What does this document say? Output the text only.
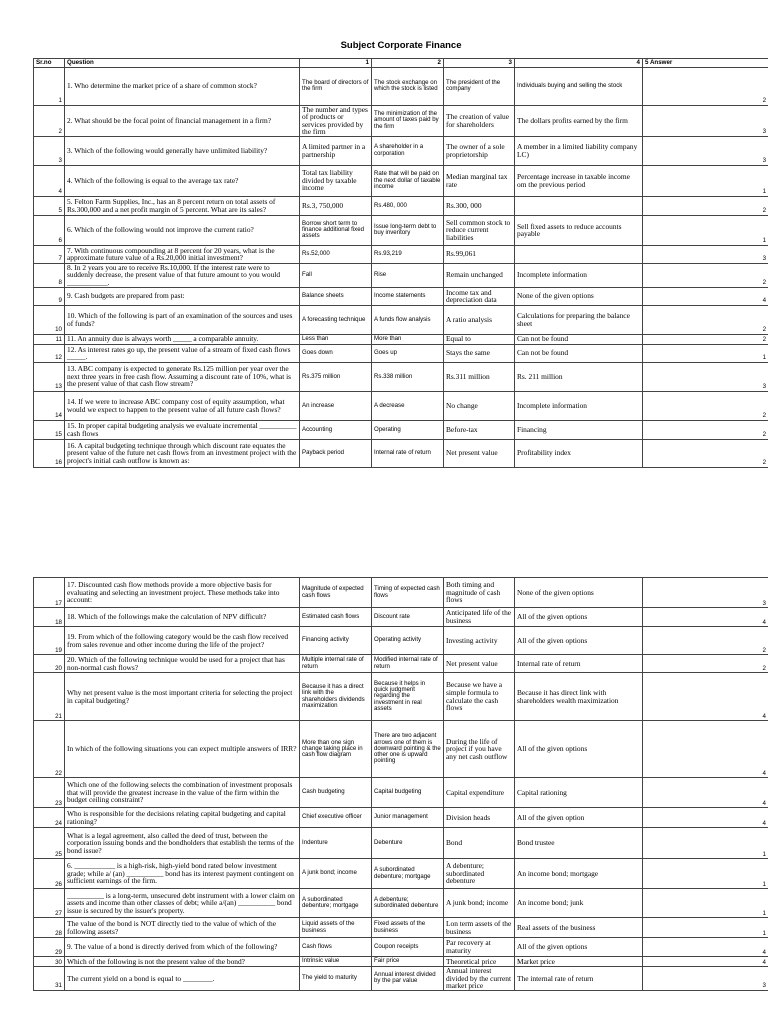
Subject Corporate Finance						
Sr.no	Question	1	2	3	4	5 Answer
1	1. Who determine the market price of a share of common stock?	The board of directors of the firm	The stock exchange on which the stock is listed	The president of the company	Individuals buying and selling the stock	2
2	2. What should be the focal point of financial management in a firm?	The number and types of products or services provided by the firm	The minimization of the amount of taxes paid by the firm	The creation of value for shareholders	The dollars profits earned by the firm	3
3	3. Which of the following would generally have unlimited liability?	A limited partner in a partnership	A shareholder in a corporation	The owner of a sole proprietorship	A member in a limited liability company LC)	3
4	4. Which of the following is equal to the average tax rate?	Total tax liability divided by taxable income	Rate that will be paid on the next dollar of taxable income	Median marginal tax rate	Percentage increase in taxable income om the previous period	1
5	5. Felton Farm Supplies, Inc., has an 8 percent return on total assets of Rs.300,000 and a net profit margin of 5 percent. What are its sales?	Rs.3, 750,000	Rs.480, 000	Rs.300, 000		2
6	6. Which of the following would not improve the current ratio?	Borrow short term to finance additional fixed assets	Issue long-term debt to buy inventory	Sell common stock to reduce current liabilities	Sell fixed assets to reduce accounts payable	1
7	7. With continuous compounding at 8 percent for 20 years, what is the approximate future value of a Rs.20,000 initial investment?	Rs.52,000	Rs.93,219	Rs.99,061		3
8	8. In 2 years you are to receive Rs.10,000. If the interest rate were to suddenly decrease, the present value of that future amount to you would ___________.	Fall	Rise	Remain unchanged	Incomplete information	2
9	9. Cash budgets are prepared from past:	Balance sheets	Income statements	Income tax and depreciation data	None of the given options	4
10	10. Which of the following is part of an examination of the sources and uses of funds?	A forecasting technique	A funds flow analysis	A ratio analysis	Calculations for preparing the balance sheet	2
11	11. An annuity due is always worth _____ a comparable annuity.	Less than	More than	Equal to	Can not be found	2
12	12. As interest rates go up, the present value of a stream of fixed cash flows _____.	Goes down	Goes up	Stays the same	Can not be found	1
13	13. ABC company is expected to generate Rs.125 million per year over the next three years in free cash flow. Assuming a discount rate of 10%, what is the present value of that cash flow stream?	Rs.375 million	Rs.338 million	Rs.311 million	Rs. 211 million	3
14	14. If we were to increase ABC company cost of equity assumption, what would we expect to happen to the present value of all future cash flows?	An increase	A decrease	No change	Incomplete information	2
15	15. In proper capital budgeting analysis we evaluate incremental __________ cash flows	Accounting	Operating	Before-tax	Financing	2
16	16. A capital budgeting technique through which discount rate equates the present value of the future net cash flows from an investment project with the project's initial cash outflow is known as:	Payback period	Internal rate of return	Net present value	Profitability index	2
17	17. Discounted cash flow methods provide a more objective basis for evaluating and selecting an investment project. These methods take into account:	Magnitude of expected cash flows	Timing of expected cash flows	Both timing and magnitude of cash flows	None of the given options	3
18	18. Which of the followings make the calculation of NPV difficult?	Estimated cash flows	Discount rate	Anticipated life of the business	All of the given options	4
19	19. From which of the following category would be the cash flow received from sales revenue and other income during the life of the project?	Financing activity	Operating activity	Investing activity	All of the given options	2
20	20. Which of the following technique would be used for a project that has non-normal cash flows?	Multiple internal rate of return	Modified internal rate of return	Net present value	Internal rate of return	2
21	Why net present value is the most important criteria for selecting the project in capital budgeting?	Because it has a direct link with the shareholders dividends maximization	Because it helps in quick judgment regarding the investment in real assets	Because we have a simple formula to calculate the cash flows	Because it has direct link with shareholders wealth maximization	4
22	In which of the following situations you can expect multiple answers of IRR?	More than one sign change taking place in cash flow diagram	There are two adjacent arrows one of them is downward pointing & the other one is upward pointing	During the life of project if you have any net cash outflow	All of the given options	4
23	Which one of the following selects the combination of investment proposals that will provide the greatest increase in the value of the firm within the budget ceiling constraint?	Cash budgeting	Capital budgeting	Capital expenditure	Capital rationing	4
24	Who is responsible for the decisions relating capital budgeting and capital rationing?	Chief executive officer	Junior management	Division heads	All of the given option	4
25	What is a legal agreement, also called the deed of trust, between the corporation issuing bonds and the bondholders that establish the terms of the bond issue?	Indenture	Debenture	Bond	Bond trustee	1
26	6. ___________ is a high-risk, high-yield bond rated below investment grade; while a/ (an) __________ bond has its interest payment contingent on sufficient earnings of the firm.	A junk bond; income	A subordinated debenture; mortgage	A debenture; subordinated debenture	An income bond; mortgage	1
27	__________ is a long-term, unsecured debt instrument with a lower claim on assets and income than other classes of debt; while a/(an) __________ bond issue is secured by the issuer's property.	A subordinated debenture; mortgage	A debenture; subordinated debenture	A junk bond; income	An income bond; junk	1
28	The value of the bond is NOT directly tied to the value of which of the following assets?	Liquid assets of the business	Fixed assets of the business	Lon term assets of the business	Real assets of the business	1
29	9. The value of a bond is directly derived from which of the following?	Cash flows	Coupon receipts	Par recovery at maturity	All of the given options	4
30	Which of the following is not the present value of the bond?	Intrinsic value	Fair price	Theoretical price	Market price	4
31	The current yield on a bond is equal to ________.	The yield to maturity	Annual interest divided by the par value	Annual interest divided by the current market price	The internal rate of return	3
